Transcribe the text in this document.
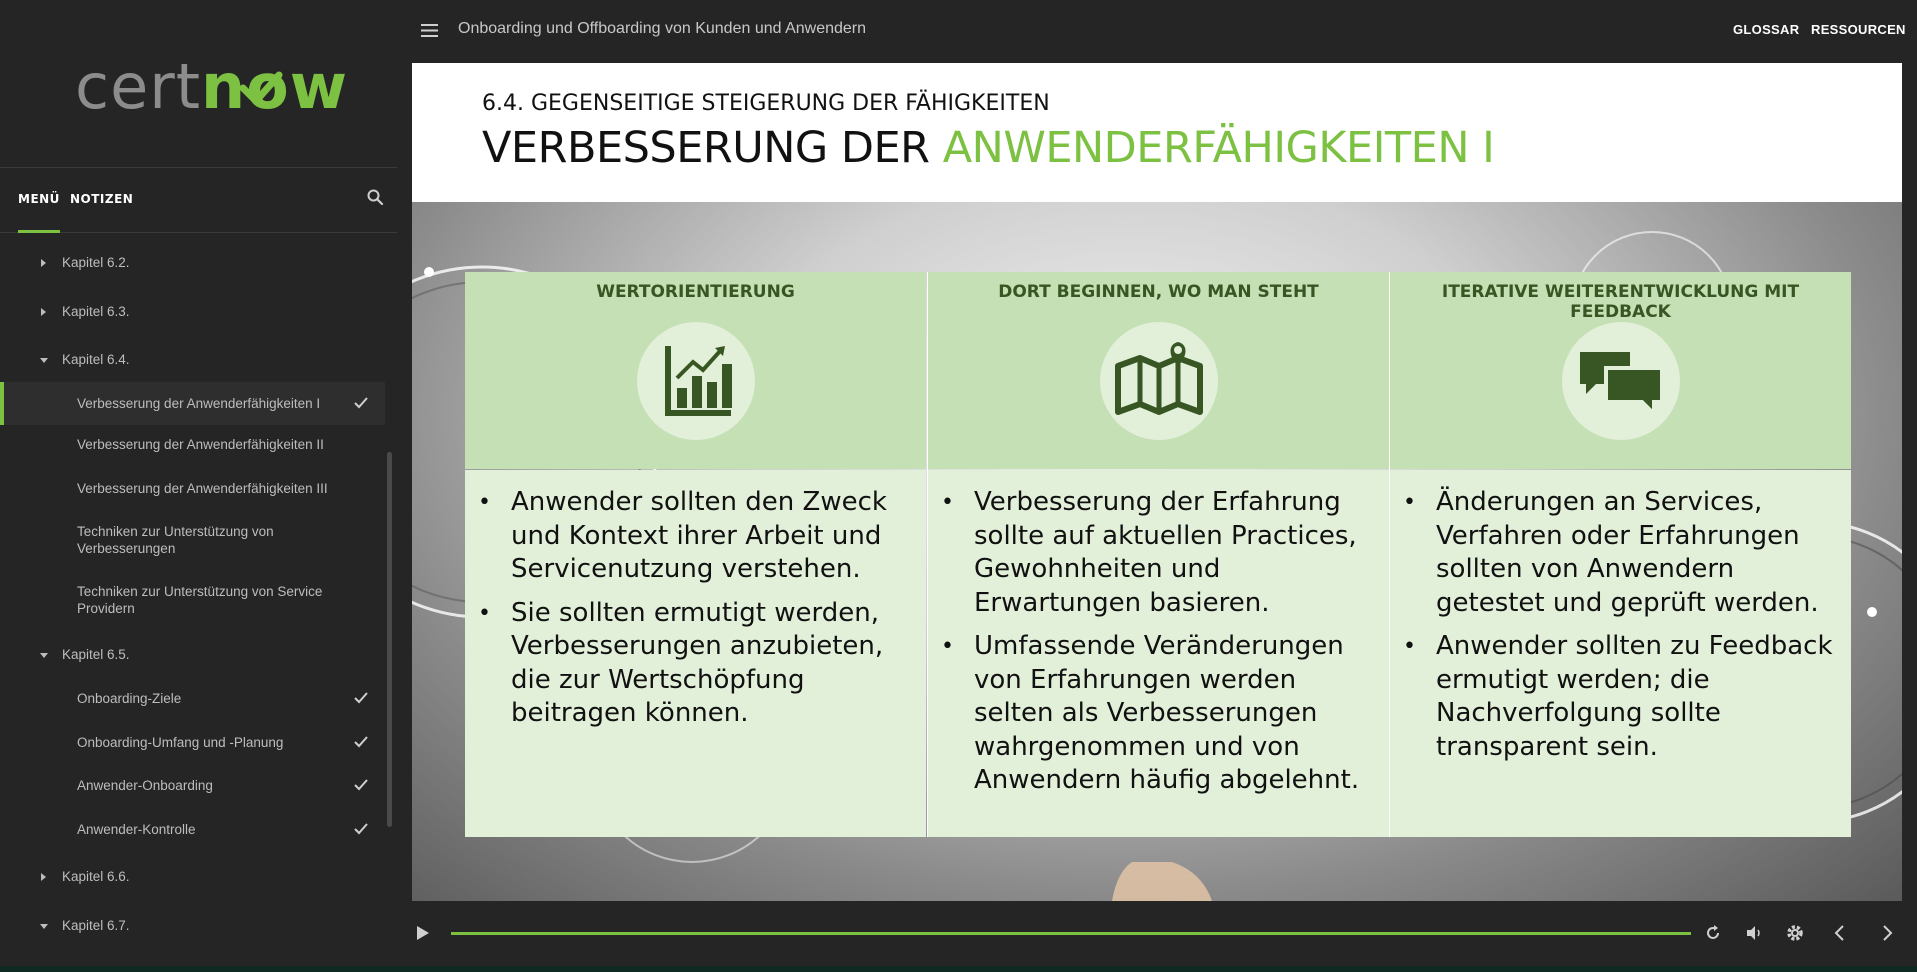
certnow
MENÜ NOTIZEN
Kapitel 6.2.
Kapitel 6.3.
Kapitel 6.4.
Verbesserung der Anwenderfähigkeiten I
Verbesserung der Anwenderfähigkeiten II
Verbesserung der Anwenderfähigkeiten III
Techniken zur Unterstützung von Verbesserungen
Techniken zur Unterstützung von Service Providern
Kapitel 6.5.
Onboarding-Ziele
Onboarding-Umfang und -Planung
Anwender-Onboarding
Anwender-Kontrolle
Kapitel 6.6.
Kapitel 6.7.
Onboarding und Offboarding von Kunden und Anwendern	GLOSSAR RESSOURCEN
6.4. GEGENSEITIGE STEIGERUNG DER FÄHIGKEITEN
VERBESSERUNG DER ANWENDERFÄHIGKEITEN I
WERTORIENTIERUNG
• Anwender sollten den Zweck und Kontext ihrer Arbeit und Servicenutzung verstehen.
• Sie sollten ermutigt werden, Verbesserungen anzubieten, die zur Wertschöpfung beitragen können.
DORT BEGINNEN, WO MAN STEHT
• Verbesserung der Erfahrung sollte auf aktuellen Practices, Gewohnheiten und Erwartungen basieren.
• Umfassende Veränderungen von Erfahrungen werden selten als Verbesserungen wahrgenommen und von Anwendern häufig abgelehnt.
ITERATIVE WEITERENTWICKLUNG MIT FEEDBACK
• Änderungen an Services, Verfahren oder Erfahrungen sollten von Anwendern getestet und geprüft werden.
• Anwender sollten zu Feedback ermutigt werden; die Nachverfolgung sollte transparent sein.
